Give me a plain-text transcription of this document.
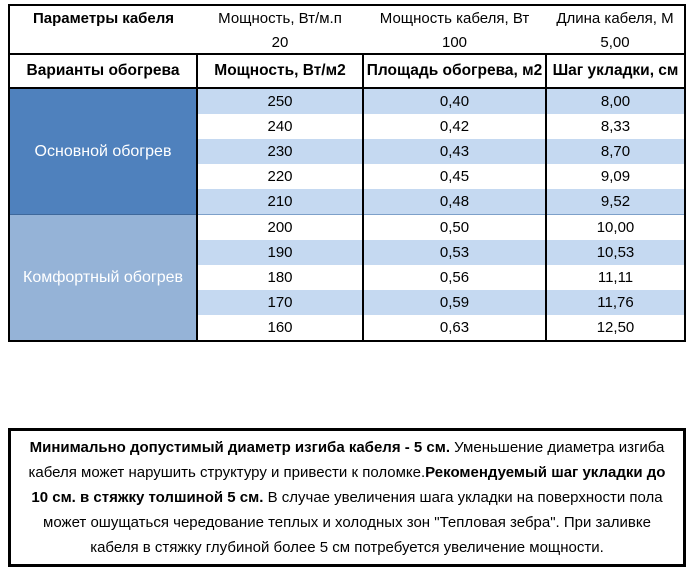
Параметры кабеля	Мощность, Вт/м.п	Мощность кабеля, Вт	Длина кабеля, М
	20	100	5,00
Варианты обогрева	Мощность, Вт/м2	Площадь обогрева, м2	Шаг укладки, см
Основной обогрев	250	0,40	8,00
	240	0,42	8,33
	230	0,43	8,70
	220	0,45	9,09
	210	0,48	9,52
Комфортный обогрев	200	0,50	10,00
	190	0,53	10,53
	180	0,56	11,11
	170	0,59	11,76
	160	0,63	12,50
Минимально допустимый диаметр изгиба кабеля - 5 см. Уменьшение диаметра изгиба кабеля может нарушить структуру и привести к поломке.Рекомендуемый шаг укладки до 10 см. в стяжку толшиной 5 см. В случае увеличения шага укладки на поверхности пола может ошущаться чередование теплых и холодных зон "Тепловая зебра". При заливке кабеля в стяжку глубиной более 5 см потребуется увеличение мощности.
